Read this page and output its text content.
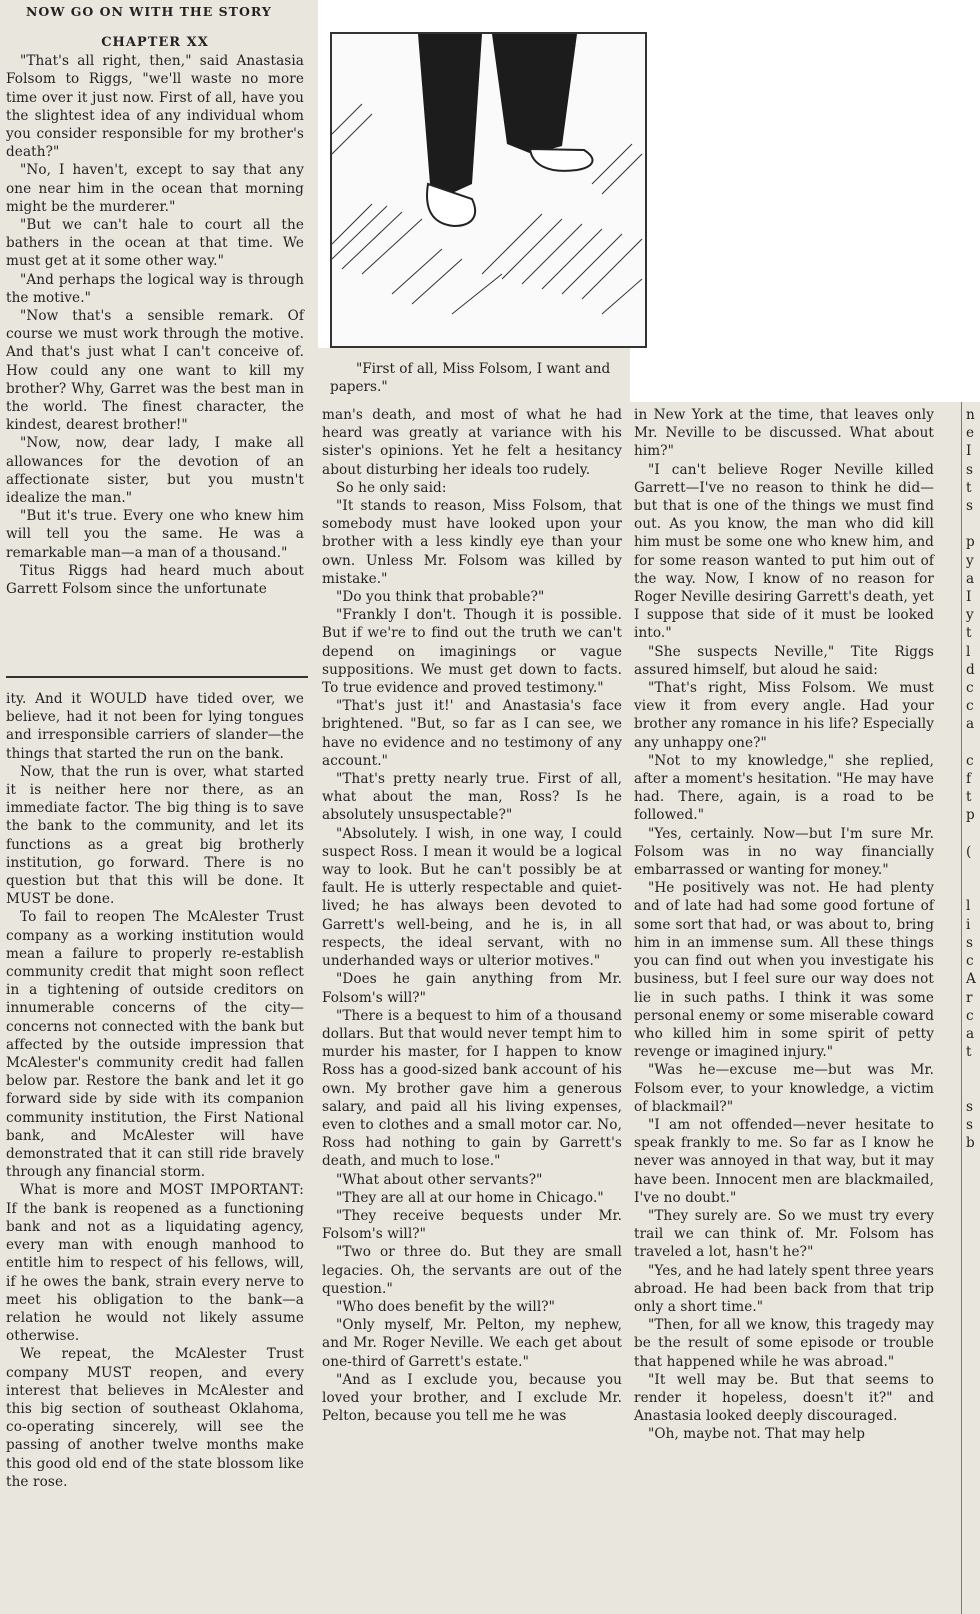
NOW GO ON WITH THE STORY

CHAPTER XX

"That's all right, then," said Anastasia Folsom to Riggs, "we'll waste no more time over it just now. First of all, have you the slightest idea of any individual whom you consider responsible for my brother's death?"

"No, I haven't, except to say that any one near him in the ocean that morning might be the murderer."

"But we can't hale to court all the bathers in the ocean at that time. We must get at it some other way."

"And perhaps the logical way is through the motive."

"Now that's a sensible remark. Of course we must work through the motive. And that's just what I can't conceive of. How could any one want to kill my brother? Why, Garret was the best man in the world. The finest character, the kindest, dearest brother!"

"Now, now, dear lady, I make all allowances for the devotion of an affectionate sister, but you mustn't idealize the man."

"But it's true. Every one who knew him will tell you the same. He was a remarkable man—a man of a thousand."

Titus Riggs had heard much about Garrett Folsom since the unfortunate

ity. And it WOULD have tided over, we believe, had it not been for lying tongues and irresponsible carriers of slander—the things that started the run on the bank.

Now, that the run is over, what started it is neither here nor there, as an immediate factor. The big thing is to save the bank to the community, and let its functions as a great big brotherly institution, go forward. There is no question but that this will be done. It MUST be done.

To fail to reopen The McAlester Trust company as a working institution would mean a failure to properly re-establish community credit that might soon reflect in a tightening of outside creditors on innumerable concerns of the city—concerns not connected with the bank but affected by the outside impression that McAlester's community credit had fallen below par. Restore the bank and let it go forward side by side with its companion community institution, the First National bank, and McAlester will have demonstrated that it can still ride bravely through any financial storm.

What is more and MOST IMPORTANT: If the bank is reopened as a functioning bank and not as a liquidating agency, every man with enough manhood to entitle him to respect of his fellows, will, if he owes the bank, strain every nerve to meet his obligation to the bank—a relation he would not likely assume otherwise.

We repeat, the McAlester Trust company MUST reopen, and every interest that believes in McAlester and this big section of southeast Oklahoma, co-operating sincerely, will see the passing of another twelve months make this good old end of the state blossom like the rose.

"First of all, Miss Folsom, I want and papers."

man's death, and most of what he had heard was greatly at variance with his sister's opinions. Yet he felt a hesitancy about disturbing her ideals too rudely.

So he only said:

"It stands to reason, Miss Folsom, that somebody must have looked upon your brother with a less kindly eye than your own. Unless Mr. Folsom was killed by mistake."

"Do you think that probable?"

"Frankly I don't. Though it is possible. But if we're to find out the truth we can't depend on imaginings or vague suppositions. We must get down to facts. To true evidence and proved testimony."

"That's just it!' and Anastasia's face brightened. "But, so far as I can see, we have no evidence and no testimony of any account."

"That's pretty nearly true. First of all, what about the man, Ross? Is he absolutely unsuspectable?"

"Absolutely. I wish, in one way, I could suspect Ross. I mean it would be a logical way to look. But he can't possibly be at fault. He is utterly respectable and quiet-lived; he has always been devoted to Garrett's well-being, and he is, in all respects, the ideal servant, with no underhanded ways or ulterior motives."

"Does he gain anything from Mr. Folsom's will?"

"There is a bequest to him of a thousand dollars. But that would never tempt him to murder his master, for I happen to know Ross has a good-sized bank account of his own. My brother gave him a generous salary, and paid all his living expenses, even to clothes and a small motor car. No, Ross had nothing to gain by Garrett's death, and much to lose."

"What about other servants?"

"They are all at our home in Chicago."

"They receive bequests under Mr. Folsom's will?"

"Two or three do. But they are small legacies. Oh, the servants are out of the question."

"Who does benefit by the will?"

"Only myself, Mr. Pelton, my nephew, and Mr. Roger Neville. We each get about one-third of Garrett's estate."

"And as I exclude you, because you loved your brother, and I exclude Mr. Pelton, because you tell me he was

in New York at the time, that leaves only Mr. Neville to be discussed. What about him?"

"I can't believe Roger Neville killed Garrett—I've no reason to think he did—but that is one of the things we must find out. As you know, the man who did kill him must be some one who knew him, and for some reason wanted to put him out of the way. Now, I know of no reason for Roger Neville desiring Garrett's death, yet I suppose that side of it must be looked into."

"She suspects Neville," Tite Riggs assured himself, but aloud he said:

"That's right, Miss Folsom. We must view it from every angle. Had your brother any romance in his life? Especially any unhappy one?"

"Not to my knowledge," she replied, after a moment's hesitation. "He may have had. There, again, is a road to be followed."

"Yes, certainly. Now—but I'm sure Mr. Folsom was in no way financially embarrassed or wanting for money."

"He positively was not. He had plenty and of late had had some good fortune of some sort that had, or was about to, bring him in an immense sum. All these things you can find out when you investigate his business, but I feel sure our way does not lie in such paths. I think it was some personal enemy or some miserable coward who killed him in some spirit of petty revenge or imagined injury."

"Was he—excuse me—but was Mr. Folsom ever, to your knowledge, a victim of blackmail?"

"I am not offended—never hesitate to speak frankly to me. So far as I know he never was annoyed in that way, but it may have been. Innocent men are blackmailed, I've no doubt."

"They surely are. So we must try every trail we can think of. Mr. Folsom has traveled a lot, hasn't he?"

"Yes, and he had lately spent three years abroad. He had been back from that trip only a short time."

"Then, for all we know, this tragedy may be the result of some episode or trouble that happened while he was abroad."

"It well may be. But that seems to render it hopeless, doesn't it?" and Anastasia looked deeply discouraged.

"Oh, maybe not. That may help

n
e
I
s
t
s

p
y
a
I
y
t
l
d
c
c
a

c
f
t
p

(

l
i
s
c
A
r
c
a
t

s
s
b
